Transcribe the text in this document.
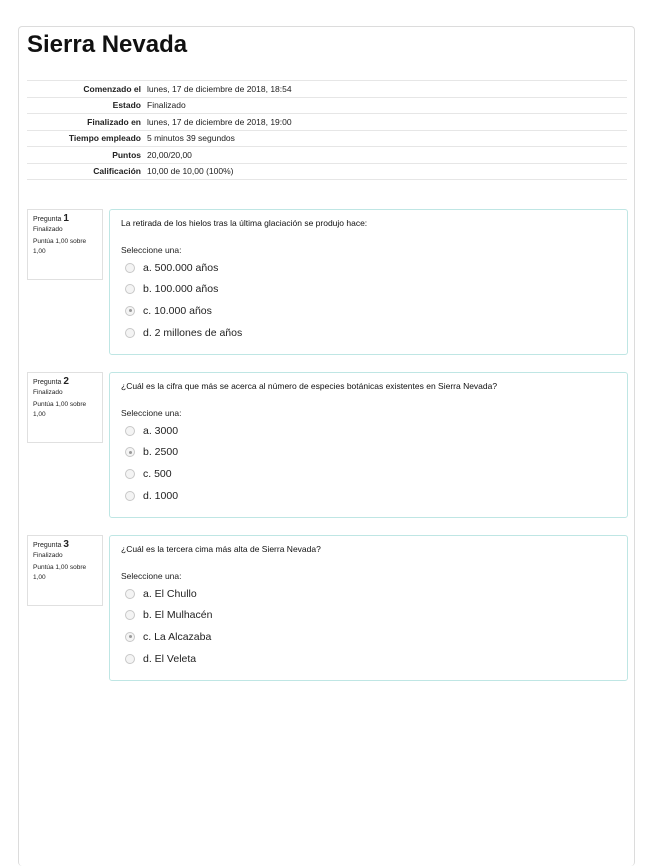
Sierra Nevada
Comenzado el	lunes, 17 de diciembre de 2018, 18:54
Estado	Finalizado
Finalizado en	lunes, 17 de diciembre de 2018, 19:00
Tiempo empleado	5 minutos 39 segundos
Puntos	20,00/20,00
Calificación	10,00 de 10,00 (100%)
Pregunta 1
Finalizado
Puntúa 1,00 sobre 1,00
La retirada de los hielos tras la última glaciación se produjo hace:
Seleccione una:
a. 500.000 años
b. 100.000 años
c. 10.000 años
d. 2 millones de años
Pregunta 2
Finalizado
Puntúa 1,00 sobre 1,00
¿Cuál es la cifra que más se acerca al número de especies botánicas existentes en Sierra Nevada?
Seleccione una:
a. 3000
b. 2500
c. 500
d. 1000
Pregunta 3
Finalizado
Puntúa 1,00 sobre 1,00
¿Cuál es la tercera cima más alta de Sierra Nevada?
Seleccione una:
a. El Chullo
b. El Mulhacén
c. La Alcazaba
d. El Veleta
